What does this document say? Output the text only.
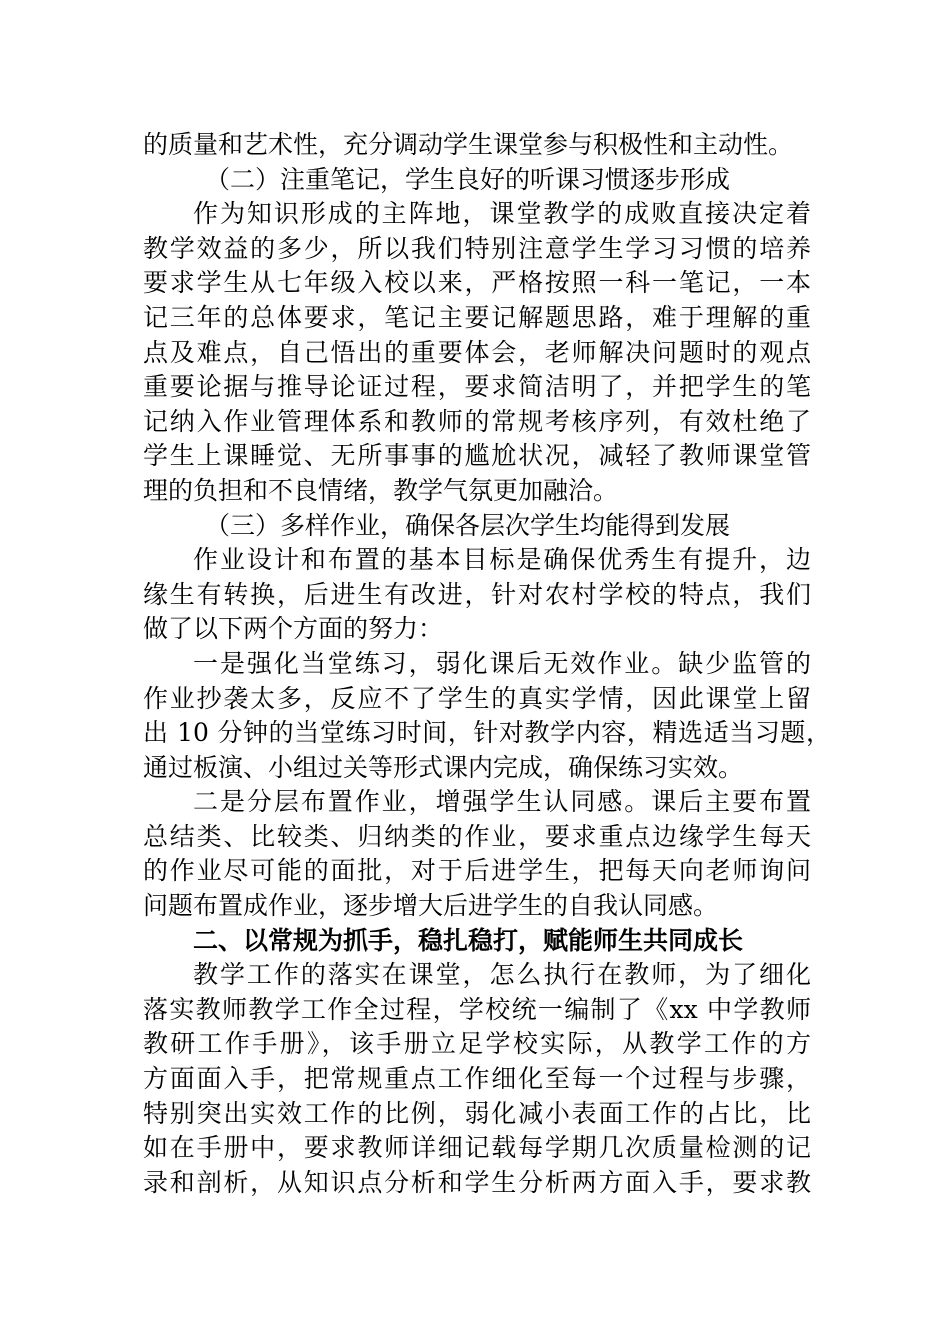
的质量和艺术性，充分调动学生课堂参与积极性和主动性。
（二）注重笔记，学生良好的听课习惯逐步形成
作为知识形成的主阵地，课堂教学的成败直接决定着
教学效益的多少，所以我们特别注意学生学习习惯的培养
要求学生从七年级入校以来，严格按照一科一笔记，一本
记三年的总体要求，笔记主要记解题思路，难于理解的重
点及难点，自己悟出的重要体会，老师解决问题时的观点
重要论据与推导论证过程，要求简洁明了，并把学生的笔
记纳入作业管理体系和教师的常规考核序列，有效杜绝了
学生上课睡觉、无所事事的尴尬状况，减轻了教师课堂管
理的负担和不良情绪，教学气氛更加融洽。
（三）多样作业，确保各层次学生均能得到发展
作业设计和布置的基本目标是确保优秀生有提升，边
缘生有转换，后进生有改进，针对农村学校的特点，我们
做了以下两个方面的努力：
一是强化当堂练习，弱化课后无效作业。缺少监管的
作业抄袭太多，反应不了学生的真实学情，因此课堂上留
出 10 分钟的当堂练习时间，针对教学内容，精选适当习题，
通过板演、小组过关等形式课内完成，确保练习实效。
二是分层布置作业，增强学生认同感。课后主要布置
总结类、比较类、归纳类的作业，要求重点边缘学生每天
的作业尽可能的面批，对于后进学生，把每天向老师询问
问题布置成作业，逐步增大后进学生的自我认同感。
二、以常规为抓手，稳扎稳打，赋能师生共同成长
教学工作的落实在课堂，怎么执行在教师，为了细化
落实教师教学工作全过程，学校统一编制了《xx 中学教师
教研工作手册》，该手册立足学校实际，从教学工作的方
方面面入手，把常规重点工作细化至每一个过程与步骤，
特别突出实效工作的比例，弱化减小表面工作的占比，比
如在手册中，要求教师详细记载每学期几次质量检测的记
录和剖析，从知识点分析和学生分析两方面入手，要求教
